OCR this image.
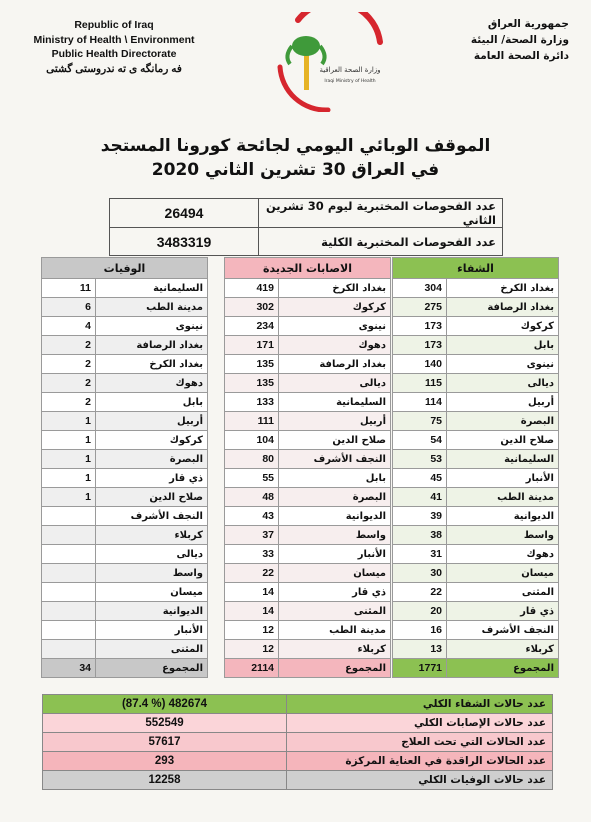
Republic of Iraq
Ministry of Health \ Environment
Public Health Directorate
فه رمانگه ی ته ندروستی گشتی	وزارة الصحة العراقية
Iraqi Ministry of Health
جمهورية العراق
وزارة الصحة/ البيئة
دائرة الصحة العامة
الموقف الوبائي اليومي لجائحة كورونا المستجد
في العراق 30 تشرين الثاني 2020
عدد الفحوصات المختبرية ليوم 30 تشرين الثاني	26494
عدد الفحوصات المختبرية الكلية	3483319
الشفاء	
بغداد الكرخ	304
بغداد الرصافة	275
كركوك	173
بابل	173
نينوى	140
ديالى	115
أربيل	114
البصرة	75
صلاح الدين	54
السليمانية	53
الأنبار	45
مدينة الطب	41
الديوانية	39
واسط	38
دهوك	31
ميسان	30
المثنى	22
ذي قار	20
النجف الأشرف	16
كربلاء	13
المجموع	1771
الاصابات الجديدة	
بغداد الكرخ	419
كركوك	302
نينوى	234
دهوك	171
بغداد الرصافة	135
ديالى	135
السليمانية	133
أربيل	111
صلاح الدين	104
النجف الأشرف	80
بابل	55
البصرة	48
الديوانية	43
واسط	37
الأنبار	33
ميسان	22
ذي قار	14
المثنى	14
مدينة الطب	12
كربلاء	12
المجموع	2114
الوفيات	
السليمانية	11
مدينة الطب	6
نينوى	4
بغداد الرصافة	2
بغداد الكرخ	2
دهوك	2
بابل	2
أربيل	1
كركوك	1
البصرة	1
ذي قار	1
صلاح الدين	1
النجف الأشرف	
كربلاء	
ديالى	
واسط	
ميسان	
الديوانية	
الأنبار	
المثنى	
المجموع	34
عدد حالات الشفاء الكلي	(87.4 %) 482674
عدد حالات الإصابات الكلي	552549
عدد الحالات التي تحت العلاج	57617
عدد الحالات الراقدة في العناية المركزة	293
عدد حالات الوفيات الكلي	12258
